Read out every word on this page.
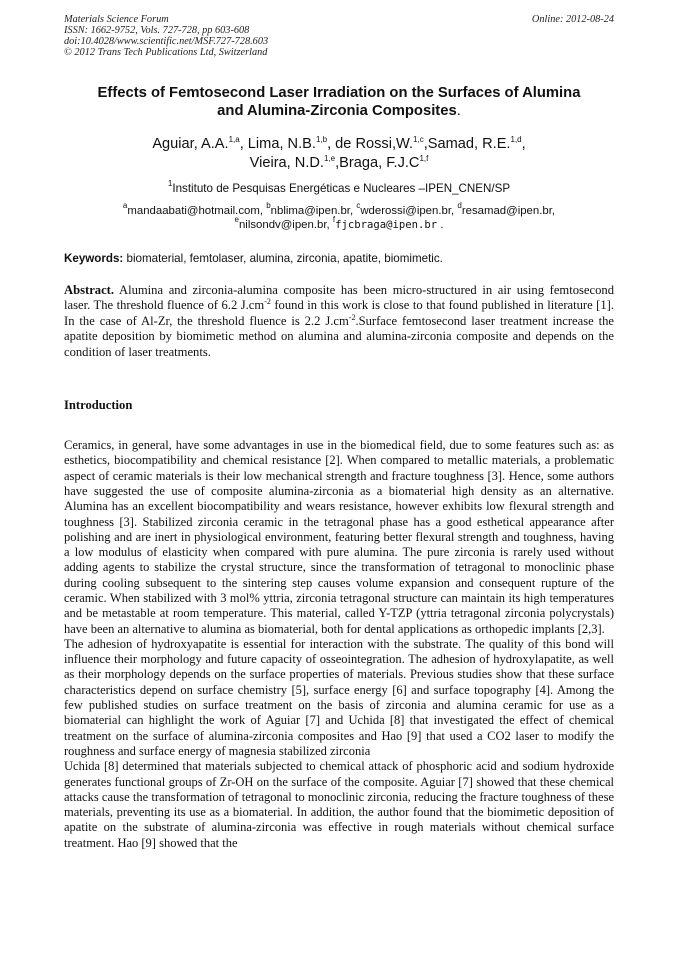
Materials Science Forum	Online: 2012-08-24
ISSN: 1662-9752, Vols. 727-728, pp 603-608
doi:10.4028/www.scientific.net/MSF.727-728.603
© 2012 Trans Tech Publications Ltd, Switzerland
Effects of Femtosecond Laser Irradiation on the Surfaces of Alumina
and Alumina-Zirconia Composites.
Aguiar, A.A.$^{1,a}$, Lima, N.B.$^{1,b}$, de Rossi,W.$^{1,c}$,Samad, R.E.$^{1,d}$,
Vieira, N.D.$^{1,e}$,Braga, $F.J.C^{1,f}$
$^1$Instituto de Pesquisas Energéticas e Nucleares –IPEN_CNEN/SP
$^a$mandaabati@hotmail.com, $^b$nblima@ipen.br, $^c$wderossi@ipen.br, $^d$resamad@ipen.br,
$^e$nilsondv@ipen.br, $^f$fjcbraga@ipen.br .
Keywords: biomaterial, femtolaser, alumina, zirconia, apatite, biomimetic.
Abstract. Alumina and zirconia-alumina composite has been micro-structured in air using femtosecond laser. The threshold fluence of 6.2 $J.cm^{-2}$ found in this work is close to that found published in literature [1]. In the case of Al-Zr, the threshold fluence is 2.2 $J.cm^{-2}.Surface$ femtosecond laser treatment increase the apatite deposition by biomimetic method on alumina and alumina-zirconia composite and depends on the condition of laser treatments.
Introduction

Ceramics, in general, have some advantages in use in the biomedical field, due to some features such as: as esthetics, biocompatibility and chemical resistance [2]. When compared to metallic materials, a problematic aspect of ceramic materials is their low mechanical strength and fracture toughness [3]. Hence, some authors have suggested the use of composite alumina-zirconia as a biomaterial high density as an alternative. Alumina has an excellent biocompatibility and wears resistance, however exhibits low flexural strength and toughness [3]. Stabilized zirconia ceramic in the tetragonal phase has a good esthetical appearance after polishing and are inert in physiological environment, featuring better flexural strength and toughness, having a low modulus of elasticity when compared with pure alumina. The pure zirconia is rarely used without adding agents to stabilize the crystal structure, since the transformation of tetragonal to monoclinic phase during cooling subsequent to the sintering step causes volume expansion and consequent rupture of the ceramic. When stabilized with 3 mol% yttria, zirconia tetragonal structure can maintain its high temperatures and be metastable at room temperature. This material, called Y-TZP (yttria tetragonal zirconia polycrystals) have been an alternative to alumina as biomaterial, both for dental applications as orthopedic implants [2,3].

The adhesion of hydroxyapatite is essential for interaction with the substrate. The quality of this bond will influence their morphology and future capacity of osseointegration. The adhesion of hydroxylapatite, as well as their morphology depends on the surface properties of materials. Previous studies show that these surface characteristics depend on surface chemistry [5], surface energy [6] and surface topography [4]. Among the few published studies on surface treatment on the basis of zirconia and alumina ceramic for use as a biomaterial can highlight the work of Aguiar [7] and Uchida [8] that investigated the effect of chemical treatment on the surface of alumina-zirconia composites and Hao [9] that used a CO2 laser to modify the roughness and surface energy of magnesia stabilized zirconia

Uchida [8] determined that materials subjected to chemical attack of phosphoric acid and sodium hydroxide generates functional groups of Zr-OH on the surface of the composite. Aguiar [7] showed that these chemical attacks cause the transformation of tetragonal to monoclinic zirconia, reducing the fracture toughness of these materials, preventing its use as a biomaterial. In addition, the author found that the biomimetic deposition of apatite on the substrate of alumina-zirconia was effective in rough materials without chemical surface treatment. Hao [9] showed that the
